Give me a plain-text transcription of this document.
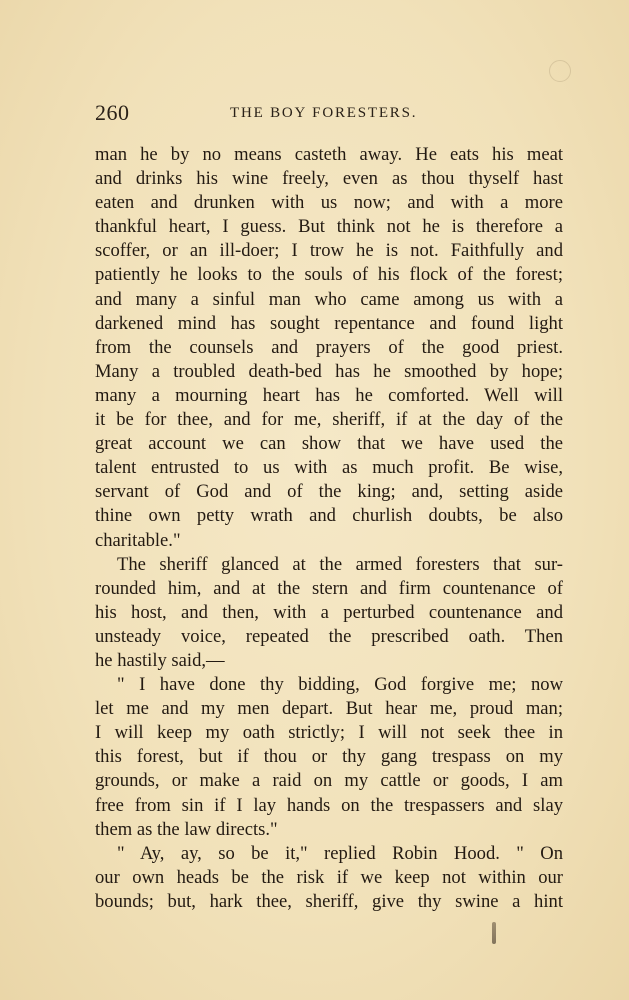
260	THE BOY FORESTERS.
man he by no means casteth away. He eats his meat
and drinks his wine freely, even as thou thyself hast
eaten and drunken with us now; and with a more
thankful heart, I guess. But think not he is therefore a
scoffer, or an ill-doer; I trow he is not. Faithfully and
patiently he looks to the souls of his flock of the forest;
and many a sinful man who came among us with a
darkened mind has sought repentance and found light
from the counsels and prayers of the good priest.
Many a troubled death-bed has he smoothed by hope;
many a mourning heart has he comforted. Well will
it be for thee, and for me, sheriff, if at the day of the
great account we can show that we have used the
talent entrusted to us with as much profit. Be wise,
servant of God and of the king; and, setting aside
thine own petty wrath and churlish doubts, be also
charitable."
The sheriff glanced at the armed foresters that sur-
rounded him, and at the stern and firm countenance of
his host, and then, with a perturbed countenance and
unsteady voice, repeated the prescribed oath. Then
he hastily said,—
" I have done thy bidding, God forgive me; now
let me and my men depart. But hear me, proud man;
I will keep my oath strictly; I will not seek thee in
this forest, but if thou or thy gang trespass on my
grounds, or make a raid on my cattle or goods, I am
free from sin if I lay hands on the trespassers and slay
them as the law directs."
" Ay, ay, so be it," replied Robin Hood. " On
our own heads be the risk if we keep not within our
bounds; but, hark thee, sheriff, give thy swine a hint
